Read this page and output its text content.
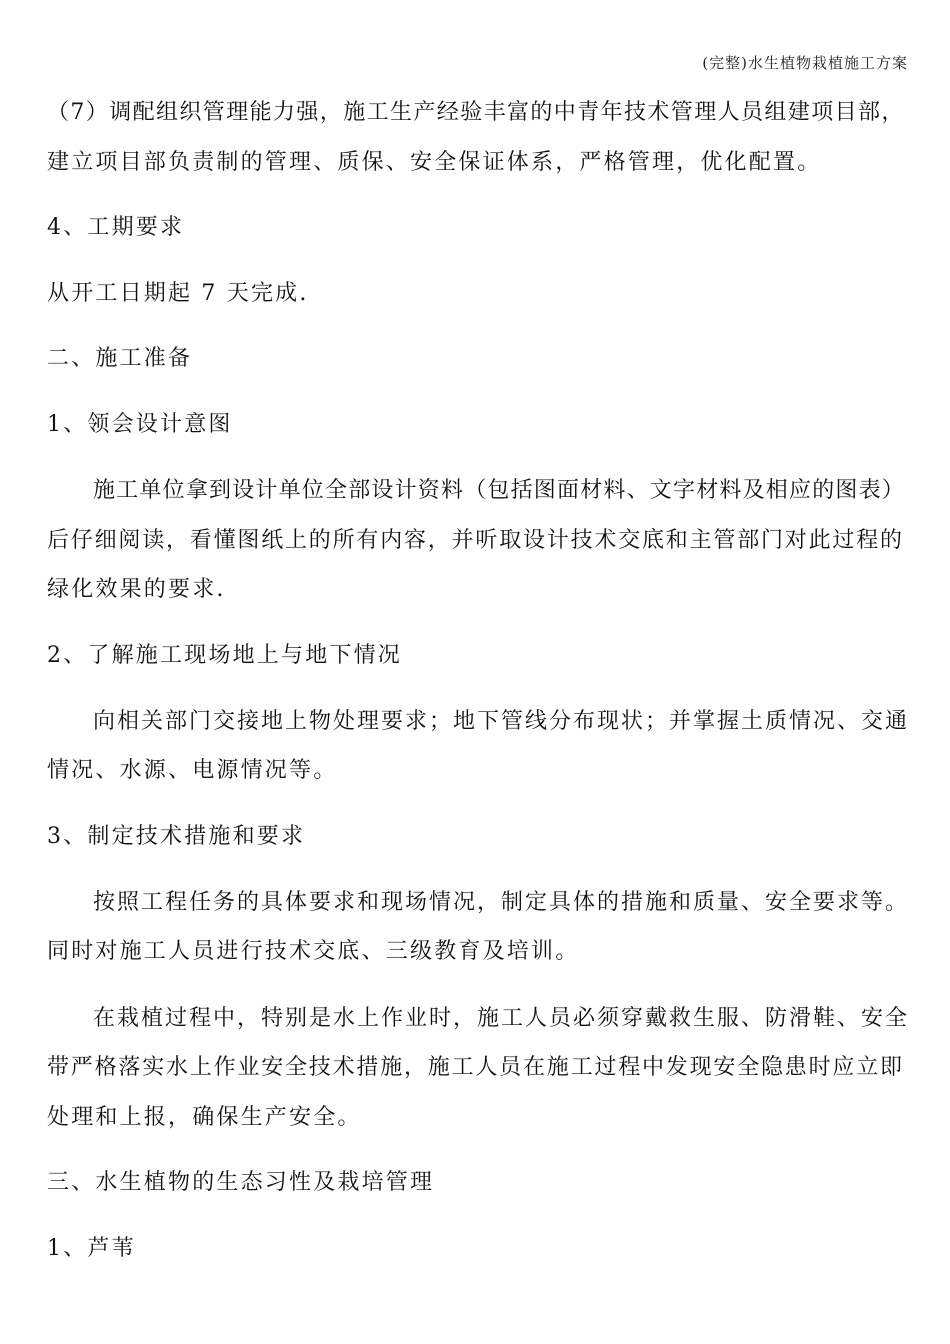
(完整)水生植物栽植施工方案
（7）调配组织管理能力强，施工生产经验丰富的中青年技术管理人员组建项目部，
建立项目部负责制的管理、质保、安全保证体系，严格管理，优化配置。
4、工期要求
从开工日期起 7 天完成.
二、施工准备
1、领会设计意图
施工单位拿到设计单位全部设计资料（包括图面材料、文字材料及相应的图表）
后仔细阅读，看懂图纸上的所有内容，并听取设计技术交底和主管部门对此过程的
绿化效果的要求.
2、了解施工现场地上与地下情况
向相关部门交接地上物处理要求；地下管线分布现状；并掌握土质情况、交通
情况、水源、电源情况等。
3、制定技术措施和要求
按照工程任务的具体要求和现场情况，制定具体的措施和质量、安全要求等。
同时对施工人员进行技术交底、三级教育及培训。
在栽植过程中，特别是水上作业时，施工人员必须穿戴救生服、防滑鞋、安全
带严格落实水上作业安全技术措施，施工人员在施工过程中发现安全隐患时应立即
处理和上报，确保生产安全。
三、水生植物的生态习性及栽培管理
1、芦苇
